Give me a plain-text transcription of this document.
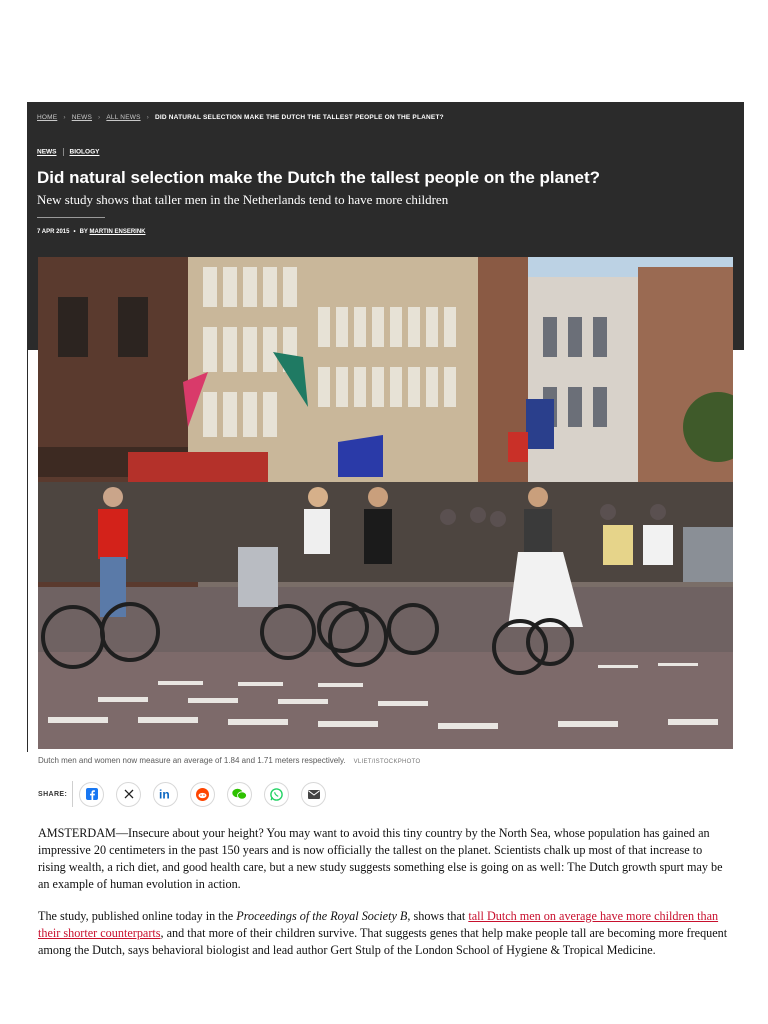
HOME › NEWS › ALL NEWS › DID NATURAL SELECTION MAKE THE DUTCH THE TALLEST PEOPLE ON THE PLANET?
NEWS BIOLOGY
Did natural selection make the Dutch the tallest people on the planet?
New study shows that taller men in the Netherlands tend to have more children
7 APR 2015 • BY MARTIN ENSERINK
Dutch men and women now measure an average of 1.84 and 1.71 meters respectively. VLIET/ISTOCKPHOTO
SHARE:	in
AMSTERDAM—Insecure about your height? You may want to avoid this tiny country by the North Sea, whose population has gained an impressive 20 centimeters in the past 150 years and is now officially the tallest on the planet. Scientists chalk up most of that increase to rising wealth, a rich diet, and good health care, but a new study suggests something else is going on as well: The Dutch growth spurt may be an example of human evolution in action.
The study, published online today in the Proceedings of the Royal Society B, shows that tall Dutch men on average have more children than their shorter counterparts, and that more of their children survive. That suggests genes that help make people tall are becoming more frequent among the Dutch, says behavioral biologist and lead author Gert Stulp of the London School of Hygiene & Tropical Medicine.
